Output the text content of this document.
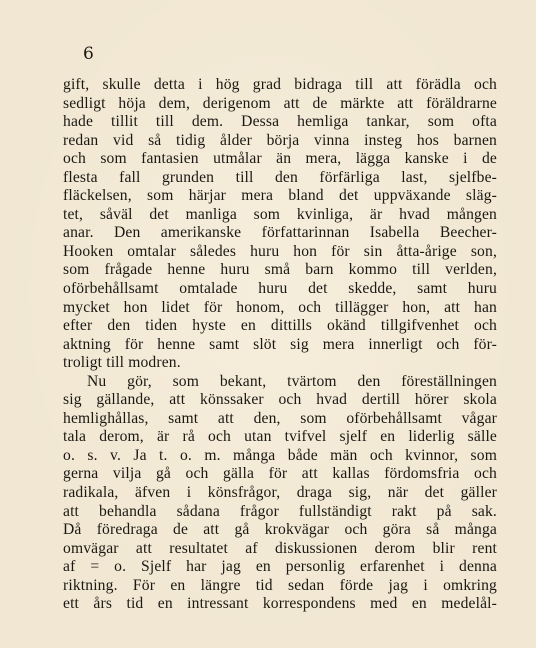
6
gift, skulle detta i hög grad bidraga till att förädla och
sedligt höja dem, derigenom att de märkte att föräldrarne
hade tillit till dem. Dessa hemliga tankar, som ofta
redan vid så tidig ålder börja vinna insteg hos barnen
och som fantasien utmålar än mera, lägga kanske i de
flesta fall grunden till den förfärliga last, sjelfbe-
fläckelsen, som härjar mera bland det uppväxande släg-
tet, såväl det manliga som kvinliga, är hvad mången
anar. Den amerikanske författarinnan Isabella Beecher-
Hooken omtalar således huru hon för sin åtta-årige son,
som frågade henne huru små barn kommo till verlden,
oförbehållsamt omtalade huru det skedde, samt huru
mycket hon lidet för honom, och tillägger hon, att han
efter den tiden hyste en dittills okänd tillgifvenhet och
aktning för henne samt slöt sig mera innerligt och för-
troligt till modren.
Nu gör, som bekant, tvärtom den föreställningen
sig gällande, att könssaker och hvad dertill hörer skola
hemlighållas, samt att den, som oförbehållsamt vågar
tala derom, är rå och utan tvifvel sjelf en liderlig sälle
o. s. v. Ja t. o. m. många både män och kvinnor, som
gerna vilja gå och gälla för att kallas fördomsfria och
radikala, äfven i könsfrågor, draga sig, när det gäller
att behandla sådana frågor fullständigt rakt på sak.
Då föredraga de att gå krokvägar och göra så många
omvägar att resultatet af diskussionen derom blir rent
af = o. Sjelf har jag en personlig erfarenhet i denna
riktning. För en längre tid sedan förde jag i omkring
ett års tid en intressant korrespondens med en medelål-
